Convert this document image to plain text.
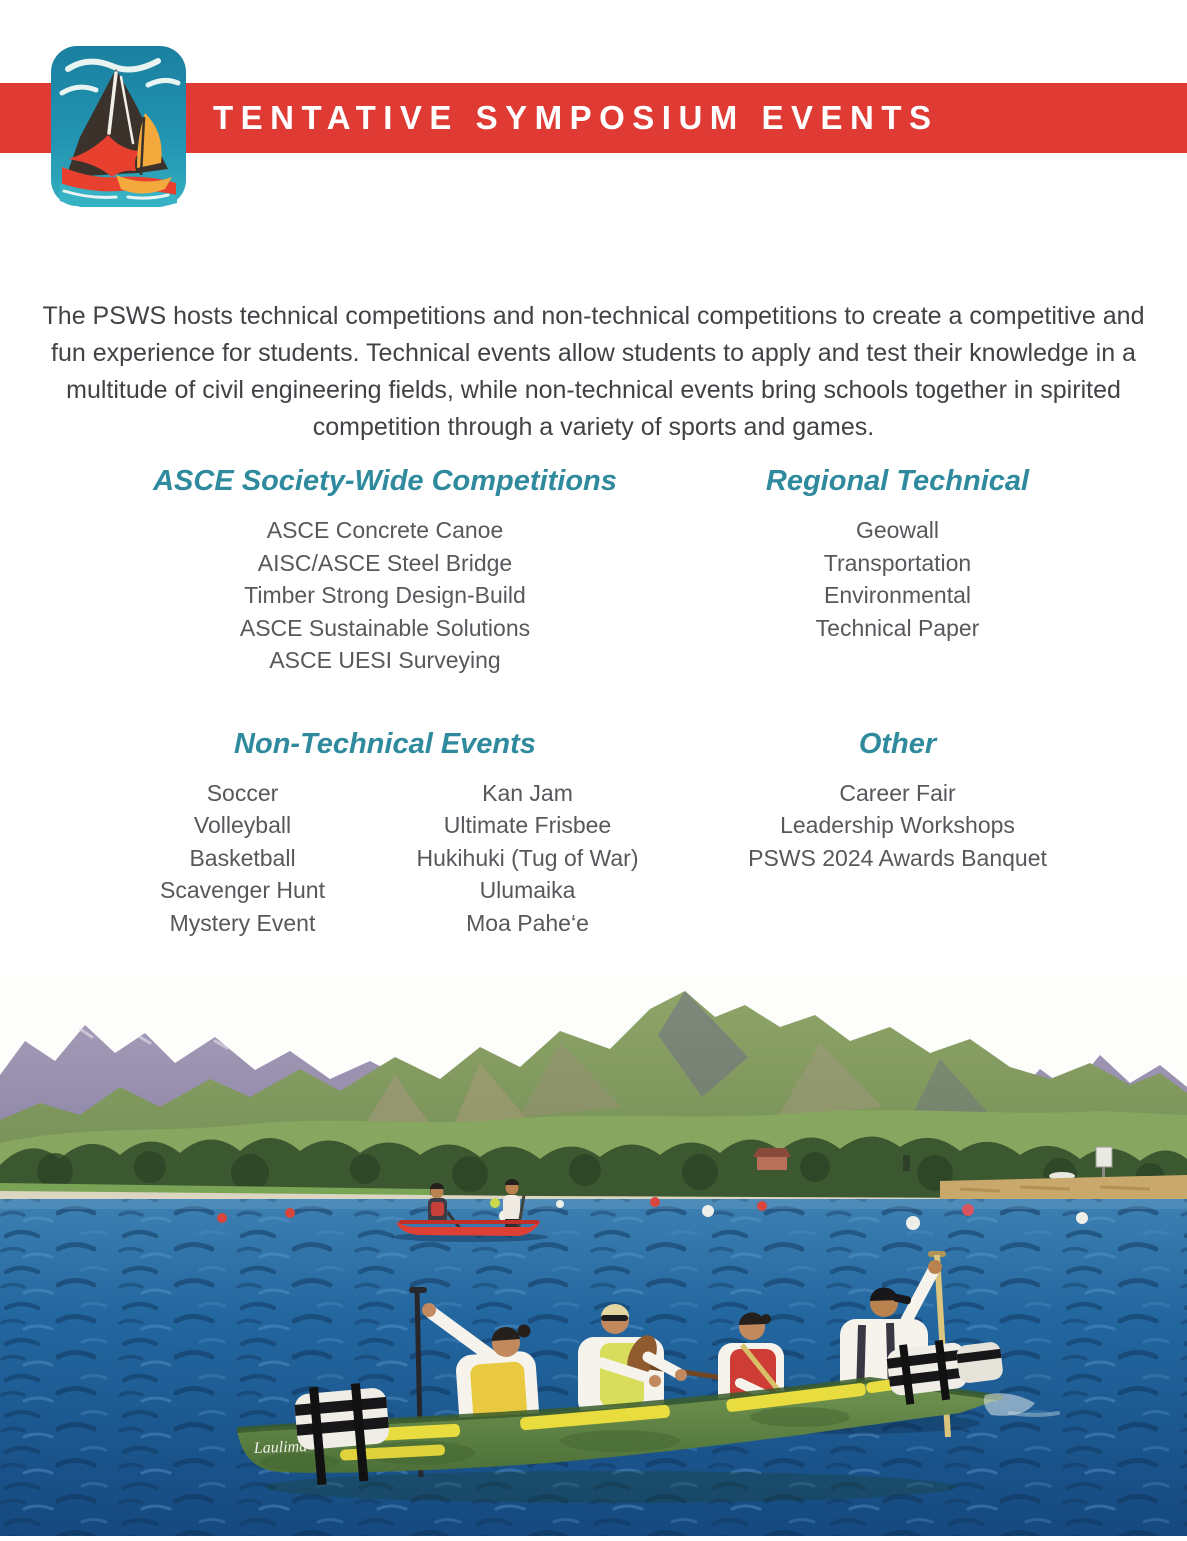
TENTATIVE SYMPOSIUM EVENTS

The PSWS hosts technical competitions and non-technical competitions to create a competitive and fun experience for students. Technical events allow students to apply and test their knowledge in a multitude of civil engineering fields, while non-technical events bring schools together in spirited competition through a variety of sports and games.

ASCE Society-Wide Competitions
ASCE Concrete Canoe
AISC/ASCE Steel Bridge
Timber Strong Design-Build
ASCE Sustainable Solutions
ASCE UESI Surveying
Regional Technical
Geowall
Transportation
Environmental
Technical Paper
Non-Technical Events
Soccer
Volleyball
Basketball
Scavenger Hunt
Mystery Event
Kan Jam
Ultimate Frisbee
Hukihuki (Tug of War)
Ulumaika
Moa Pahe‘e
Other
Career Fair
Leadership Workshops
PSWS 2024 Awards Banquet
Laulima
